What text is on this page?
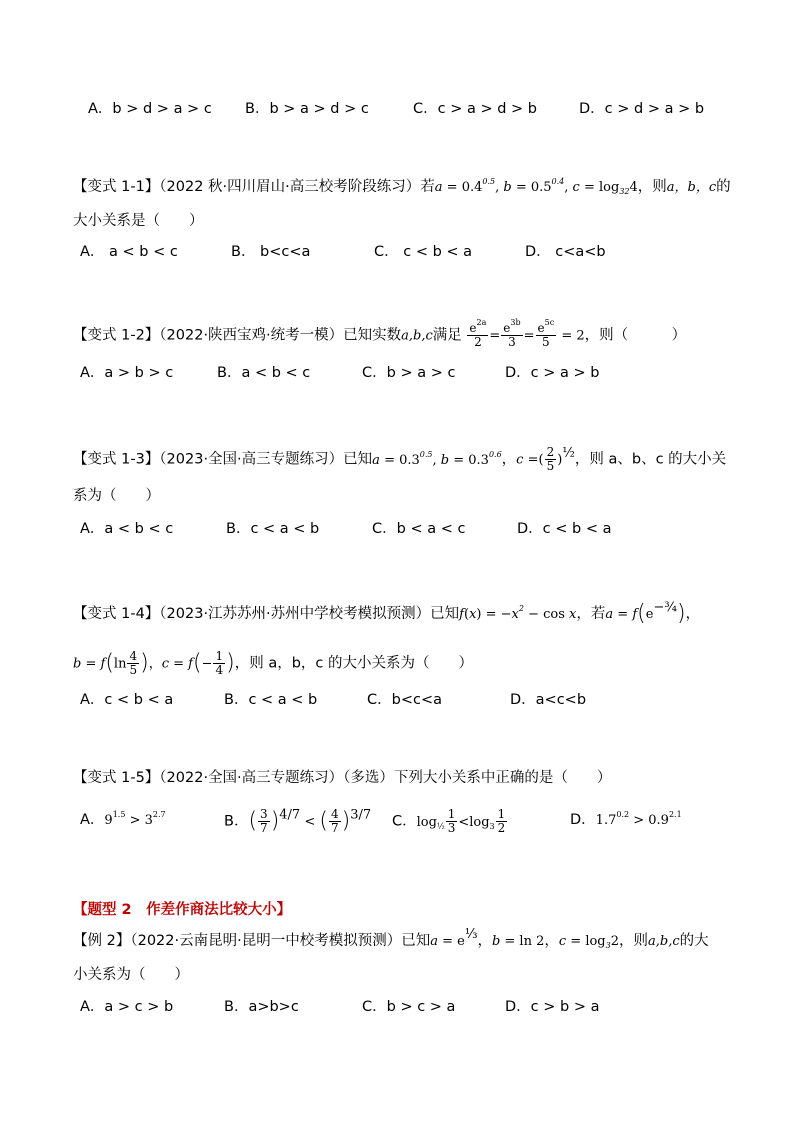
A．b > d > a > c B．b > a > d > c	C．c > a > d > b	D．c > d > a > b
【变式 1-1】（2022 秋·四川眉山·高三校考阶段练习）若$a = 0.4^{0.5}$, $b = 0.5^{0.4}$, $c = \log_{32}4$，则a，b，c的
大小关系是（　　）
A． a < b < c	B． b<c<a	C． c < b < a	D． c<a<b
【变式 1-2】（2022·陕西宝鸡·统考一模）已知实数a,b,c满足 $\frac{e^{2a}}{2} = \frac{e^{3b}}{3} = \frac{e^{5c}}{5} = 2$，则（　　　）
A．a > b > c	B．a < b < c	C．b > a > c	D．c > a > b
【变式 1-3】（2023·全国·高三专题练习）已知$a = 0.3^{0.5}$, $b = 0.3^{0.6}$，c =( $\frac{2}{5} )^{\frac{1}{2}}$，则 a、b、c 的大小关
系为（　　）
A．a < b < c	B．c < a < b	C．b < a < c	D．c < b < a
【变式 1-4】（2023·江苏苏州·苏州中学校考模拟预测）已知$f(x) = -x^2 - \cos x$，若$a = f(e^{-\frac{3}{4}})$，
$b = f(\ln \frac{4}{5}$ )，$c = f(- \frac{1}{4}$ )，则 a，b，c 的大小关系为（　　）
A．c < b < a	B．c < a < b	C．b<c<a	D．a<c<b
【变式 1-5】（2022·全国·高三专题练习）（多选）下列大小关系中正确的是（　　）
A．$9^{1.5} > 3^{2.7}$	B．( $\frac{3}{7} )^{4/7}$ < ( $\frac{4}{7} )^{3/7}$ C．$\log_{\frac{1}{2}} \frac{1}{3} <\log_3 \frac{1}{2}$	D．$1.7^{0.2} > 0.9^{2.1}$
【题型 2　作差作商法比较大小】
【例 2】（2022·云南昆明·昆明一中校考模拟预测）已知$a = e^{\frac{1}{3}}$，b = ln 2，$c = \log_32$，则a,b,c的大
小关系为（　　）
A．a > c > b	B．a>b>c	C．b > c > a	D．c > b > a
